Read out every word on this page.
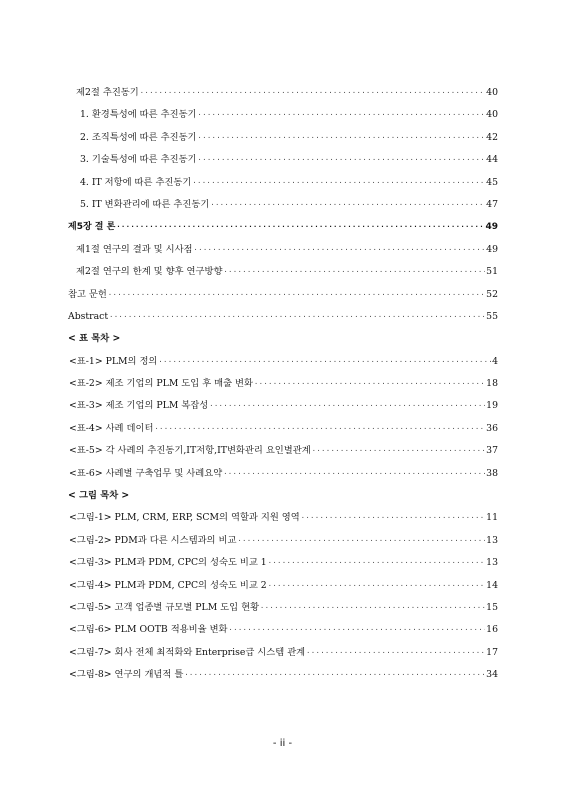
제2절 추진동기 ·····	40
1. 환경특성에 따른 추진동기 ·····	40
2. 조직특성에 따른 추진동기 ·····	42
3. 기술특성에 따른 추진동기 ·····	44
4. IT 저항에 따른 추진동기 ·····	45
5. IT 변화관리에 따른 추진동기 ·····	47
제5장 결 론 ·····	49
제1절 연구의 결과 및 시사점 ·····	49
제2절 연구의 한계 및 향후 연구방향 ·····	51
참고 문헌 ·····	52
Abstract ·····	55
< 표 목차 >
<표-1> PLM의 정의 ·····	4
<표-2> 제조 기업의 PLM 도입 후 매출 변화 ·····	18
<표-3> 제조 기업의 PLM 복잡성 ·····	19
<표-4> 사례 데이터 ·····	36
<표-5> 각 사례의 추진동기,IT저항,IT변화관리 요인별관계 ·····	37
<표-6> 사례별 구축업무 및 사례요약 ·····	38
< 그림 목차 >
<그림-1> PLM, CRM, ERP, SCM의 역할과 지원 영역 ·····	11
<그림-2> PDM과 다른 시스템과의 비교 ·····	13
<그림-3> PLM과 PDM, CPC의 성숙도 비교 1 ·····	13
<그림-4> PLM과 PDM, CPC의 성숙도 비교 2 ·····	14
<그림-5> 고객 업종별 규모별 PLM 도입 현황 ·····	15
<그림-6> PLM OOTB 적용비율 변화 ·····	16
<그림-7> 회사 전체 최적화와 Enterprise급 시스템 관계 ·····	17
<그림-8> 연구의 개념적 틀 ·····	34
- ii -
